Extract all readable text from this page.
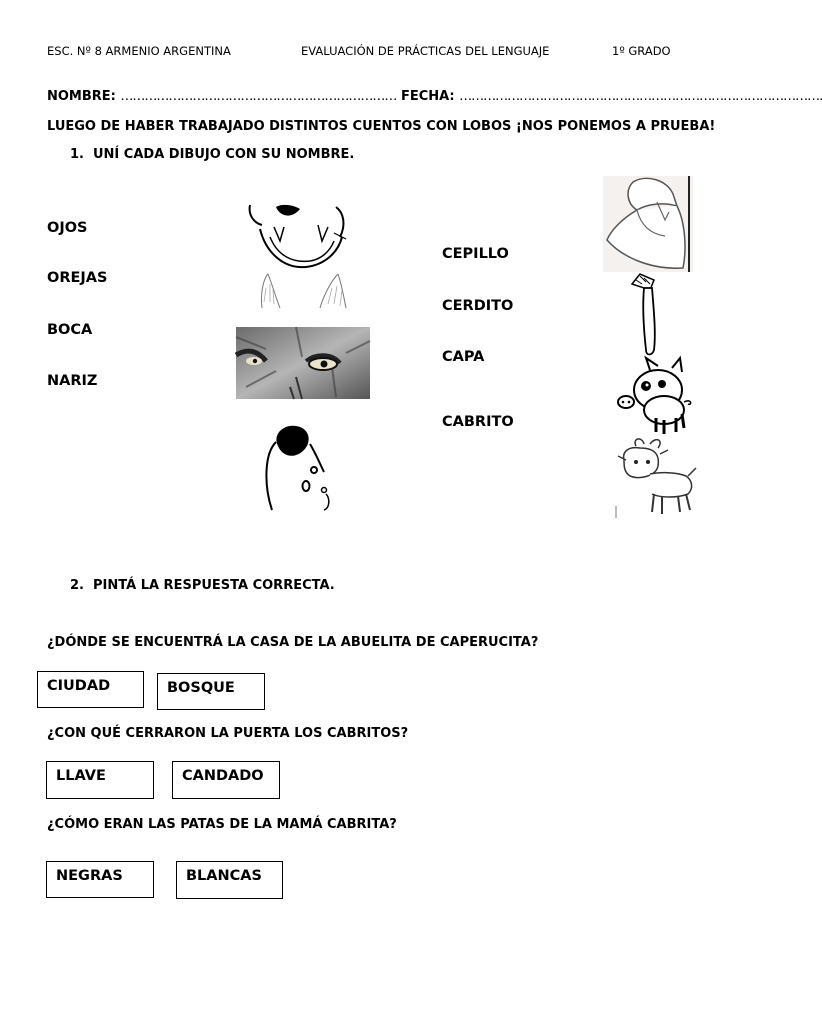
ESC. Nº 8 ARMENIO ARGENTINA	EVALUACIÓN DE PRÁCTICAS DEL LENGUAJE	1º GRADO
NOMBRE: …………………………………………………………… FECHA: ……………………………………………………………………………….
LUEGO DE HABER TRABAJADO DISTINTOS CUENTOS CON LOBOS ¡NOS PONEMOS A PRUEBA!
1. UNÍ CADA DIBUJO CON SU NOMBRE.
OJOS
OREJAS
BOCA
NARIZ
CEPILLO
CERDITO
CAPA
CABRITO
2. PINTÁ LA RESPUESTA CORRECTA.
¿DÓNDE SE ENCUENTRÁ LA CASA DE LA ABUELITA DE CAPERUCITA?
CIUDAD	BOSQUE
¿CON QUÉ CERRARON LA PUERTA LOS CABRITOS?
LLAVE	CANDADO
¿CÓMO ERAN LAS PATAS DE LA MAMÁ CABRITA?
NEGRAS	BLANCAS
